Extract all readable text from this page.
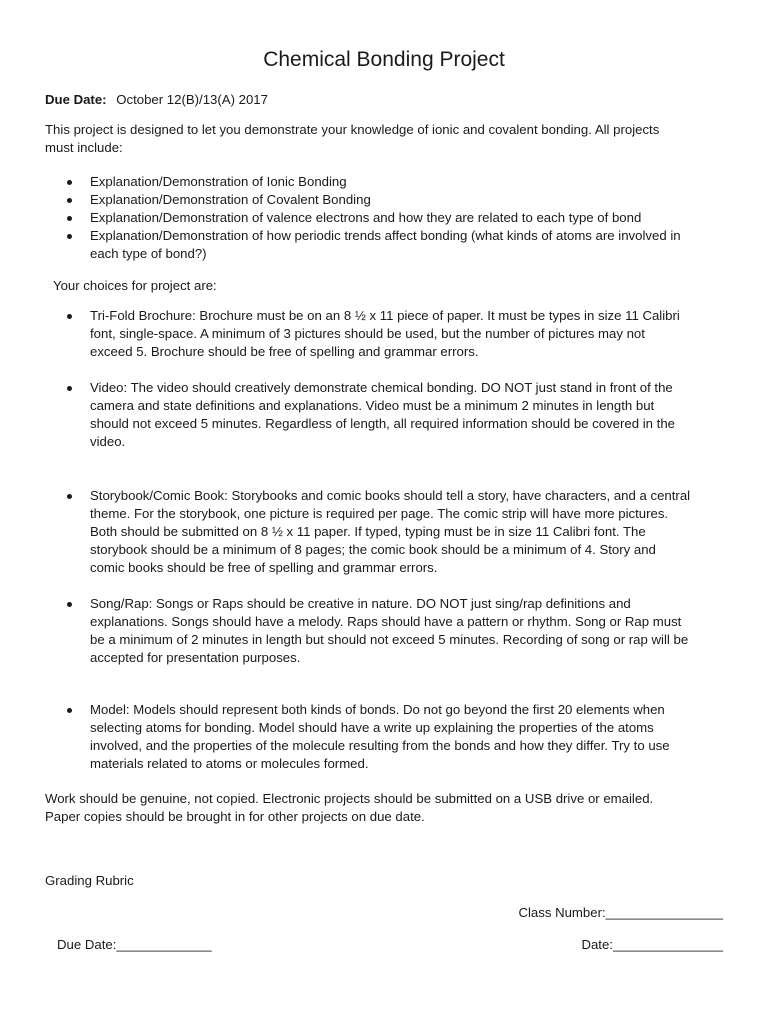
Chemical Bonding Project
Due Date: October 12(B)/13(A) 2017
This project is designed to let you demonstrate your knowledge of ionic and covalent bonding. All projects
must include:
Explanation/Demonstration of Ionic Bonding
Explanation/Demonstration of Covalent Bonding
Explanation/Demonstration of valence electrons and how they are related to each type of bond
Explanation/Demonstration of how periodic trends affect bonding (what kinds of atoms are involved in
each type of bond?)
Your choices for project are:
Tri-Fold Brochure: Brochure must be on an 8 ½ x 11 piece of paper. It must be types in size 11 Calibri
font, single-space. A minimum of 3 pictures should be used, but the number of pictures may not
exceed 5. Brochure should be free of spelling and grammar errors.
Video: The video should creatively demonstrate chemical bonding. DO NOT just stand in front of the
camera and state definitions and explanations. Video must be a minimum 2 minutes in length but
should not exceed 5 minutes. Regardless of length, all required information should be covered in the
video.
Storybook/Comic Book: Storybooks and comic books should tell a story, have characters, and a central
theme. For the storybook, one picture is required per page. The comic strip will have more pictures.
Both should be submitted on 8 ½ x 11 paper. If typed, typing must be in size 11 Calibri font. The
storybook should be a minimum of 8 pages; the comic book should be a minimum of 4. Story and
comic books should be free of spelling and grammar errors.
Song/Rap: Songs or Raps should be creative in nature. DO NOT just sing/rap definitions and
explanations. Songs should have a melody. Raps should have a pattern or rhythm. Song or Rap must
be a minimum of 2 minutes in length but should not exceed 5 minutes. Recording of song or rap will be
accepted for presentation purposes.
Model: Models should represent both kinds of bonds. Do not go beyond the first 20 elements when
selecting atoms for bonding. Model should have a write up explaining the properties of the atoms
involved, and the properties of the molecule resulting from the bonds and how they differ. Try to use
materials related to atoms or molecules formed.
Work should be genuine, not copied. Electronic projects should be submitted on a USB drive or emailed.
Paper copies should be brought in for other projects on due date.
Grading Rubric
Class Number:________________
Due Date:_____________	Date:_______________
